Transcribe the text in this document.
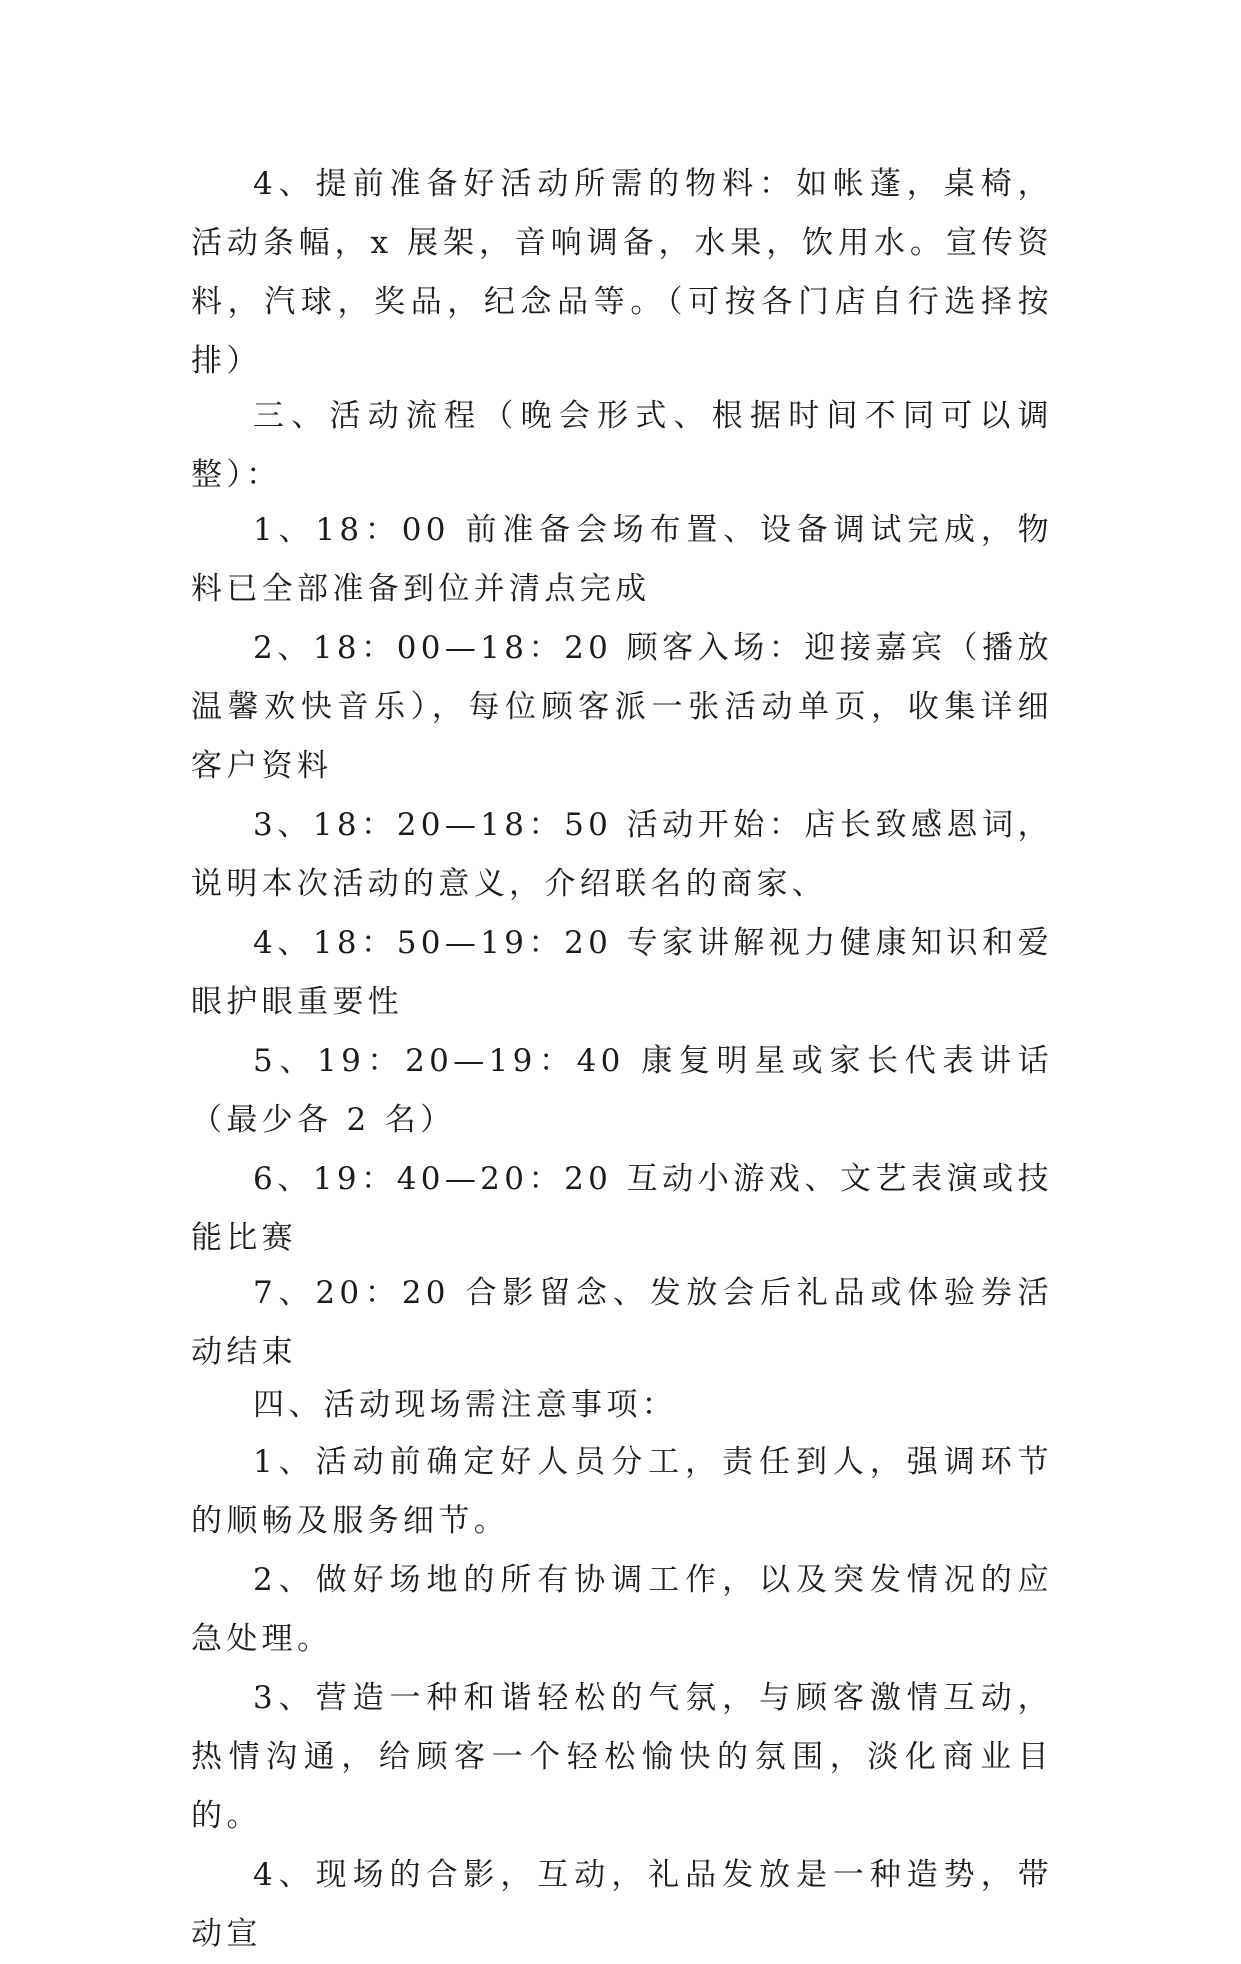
4、提前准备好活动所需的物料：如帐蓬，桌椅，活动条幅，x 展架，音响调备，水果，饮用水。宣传资料，汽球，奖品，纪念品等。（可按各门店自行选择按排）

三、活动流程（晚会形式、根据时间不同可以调整）：

1、18：00 前准备会场布置、设备调试完成，物料已全部准备到位并清点完成

2、18：00—18：20 顾客入场：迎接嘉宾（播放温馨欢快音乐），每位顾客派一张活动单页，收集详细客户资料

3、18：20—18：50 活动开始：店长致感恩词，说明本次活动的意义，介绍联名的商家、

4、18：50—19：20 专家讲解视力健康知识和爱眼护眼重要性

5、19：20—19：40 康复明星或家长代表讲话（最少各 2 名）

6、19：40—20：20 互动小游戏、文艺表演或技能比赛

7、20：20 合影留念、发放会后礼品或体验券活动结束

四、活动现场需注意事项：

1、活动前确定好人员分工，责任到人，强调环节的顺畅及服务细节。

2、做好场地的所有协调工作，以及突发情况的应急处理。

3、营造一种和谐轻松的气氛，与顾客激情互动，热情沟通，给顾客一个轻松愉快的氛围，淡化商业目的。

4、现场的合影，互动，礼品发放是一种造势，带动宣
